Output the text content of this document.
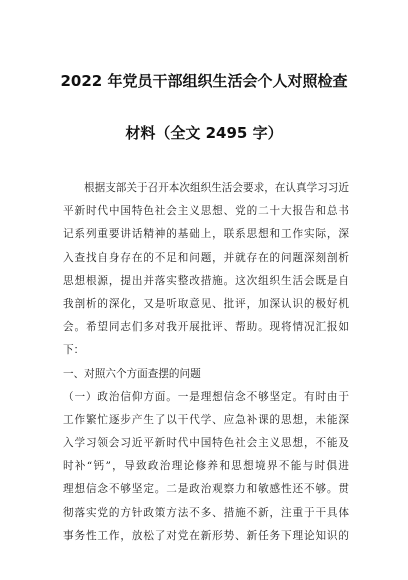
2022 年党员干部组织生活会个人对照检查
材料（全文 2495 字）
根据支部关于召开本次组织生活会要求，在认真学习习近
平新时代中国特色社会主义思想、党的二十大报告和总书
记系列重要讲话精神的基础上，联系思想和工作实际，深
入查找自身存在的不足和问题，并就存在的问题深刻剖析
思想根源，提出并落实整改措施。这次组织生活会既是自
我剖析的深化，又是听取意见、批评，加深认识的极好机
会。希望同志们多对我开展批评、帮助。现将情况汇报如
下：
一、对照六个方面查摆的问题
（一）政治信仰方面。一是理想信念不够坚定。有时由于
工作繁忙逐步产生了以干代学、应急补课的思想，未能深
入学习领会习近平新时代中国特色社会主义思想，不能及
时补“钙”，导致政治理论修养和思想境界不能与时俱进
理想信念不够坚定。二是政治观察力和敏感性还不够。贯
彻落实党的方针政策方法不多、措施不新，注重于干具体
事务性工作，放松了对党在新形势、新任务下理论知识的
